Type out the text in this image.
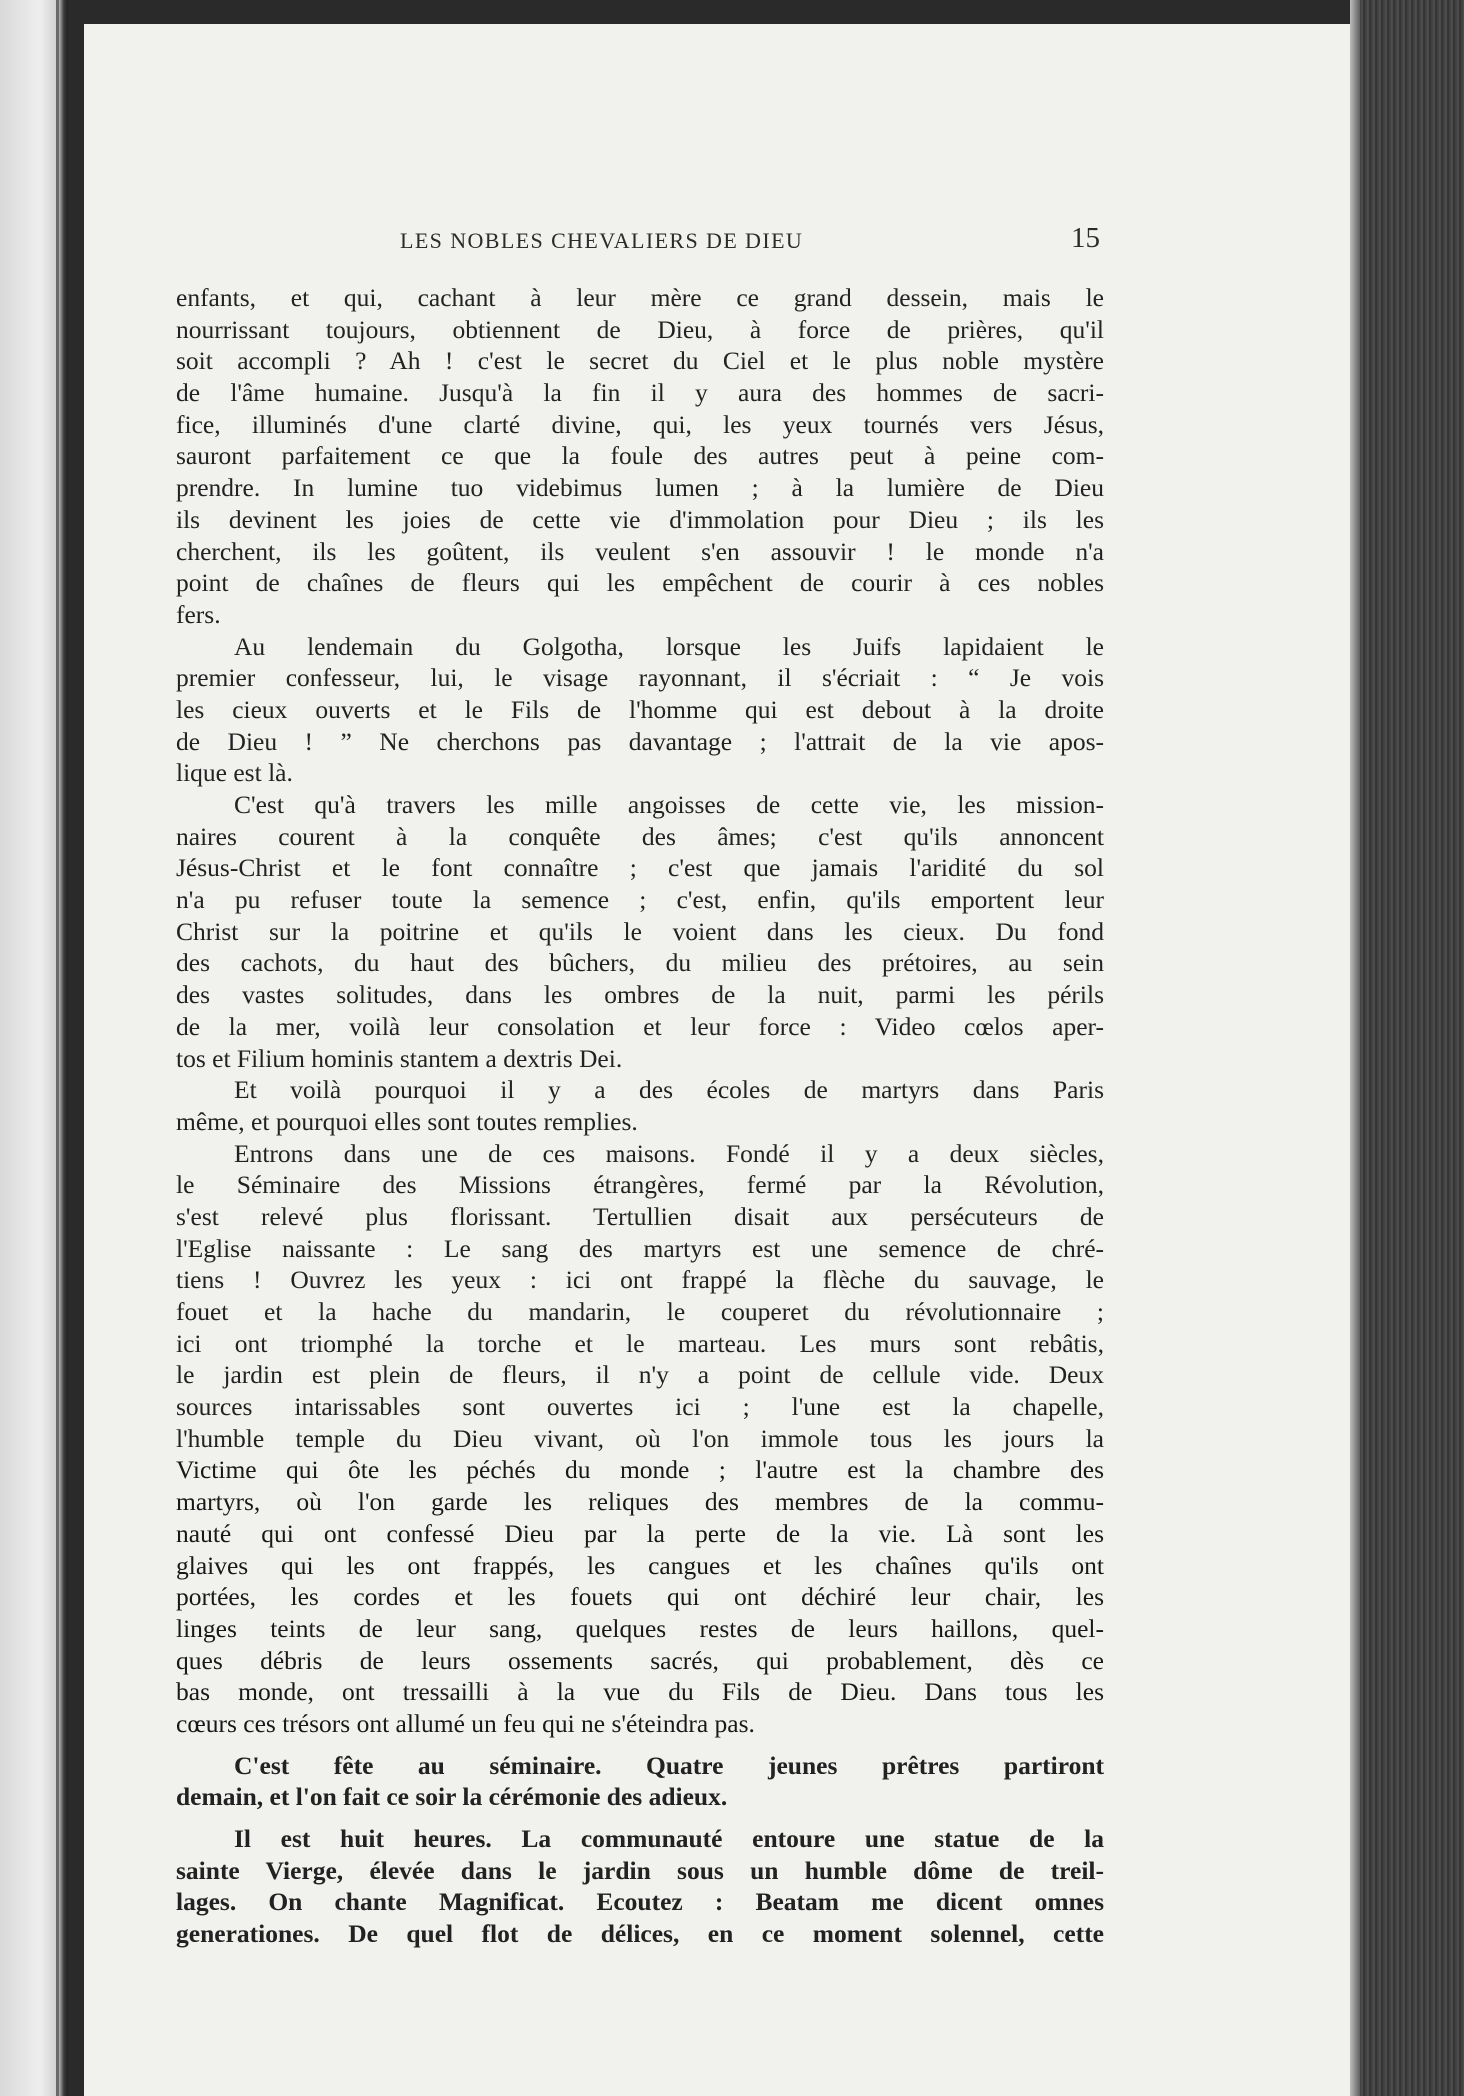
LES NOBLES CHEVALIERS DE DIEU	15
enfants, et qui, cachant à leur mère ce grand dessein, mais le
nourrissant toujours, obtiennent de Dieu, à force de prières, qu'il
soit accompli ? Ah ! c'est le secret du Ciel et le plus noble mystère
de l'âme humaine. Jusqu'à la fin il y aura des hommes de sacri-
fice, illuminés d'une clarté divine, qui, les yeux tournés vers Jésus,
sauront parfaitement ce que la foule des autres peut à peine com-
prendre. In lumine tuo videbimus lumen ; à la lumière de Dieu
ils devinent les joies de cette vie d'immolation pour Dieu ; ils les
cherchent, ils les goûtent, ils veulent s'en assouvir ! le monde n'a
point de chaînes de fleurs qui les empêchent de courir à ces nobles
fers.
Au lendemain du Golgotha, lorsque les Juifs lapidaient le
premier confesseur, lui, le visage rayonnant, il s'écriait : “ Je vois
les cieux ouverts et le Fils de l'homme qui est debout à la droite
de Dieu ! ” Ne cherchons pas davantage ; l'attrait de la vie apos-
lique est là.
C'est qu'à travers les mille angoisses de cette vie, les mission-
naires courent à la conquête des âmes; c'est qu'ils annoncent
Jésus-Christ et le font connaître ; c'est que jamais l'aridité du sol
n'a pu refuser toute la semence ; c'est, enfin, qu'ils emportent leur
Christ sur la poitrine et qu'ils le voient dans les cieux. Du fond
des cachots, du haut des bûchers, du milieu des prétoires, au sein
des vastes solitudes, dans les ombres de la nuit, parmi les périls
de la mer, voilà leur consolation et leur force : Video cœlos aper-
tos et Filium hominis stantem a dextris Dei.
Et voilà pourquoi il y a des écoles de martyrs dans Paris
même, et pourquoi elles sont toutes remplies.
Entrons dans une de ces maisons. Fondé il y a deux siècles,
le Séminaire des Missions étrangères, fermé par la Révolution,
s'est relevé plus florissant. Tertullien disait aux persécuteurs de
l'Eglise naissante : Le sang des martyrs est une semence de chré-
tiens ! Ouvrez les yeux : ici ont frappé la flèche du sauvage, le
fouet et la hache du mandarin, le couperet du révolutionnaire ;
ici ont triomphé la torche et le marteau. Les murs sont rebâtis,
le jardin est plein de fleurs, il n'y a point de cellule vide. Deux
sources intarissables sont ouvertes ici ; l'une est la chapelle,
l'humble temple du Dieu vivant, où l'on immole tous les jours la
Victime qui ôte les péchés du monde ; l'autre est la chambre des
martyrs, où l'on garde les reliques des membres de la commu-
nauté qui ont confessé Dieu par la perte de la vie. Là sont les
glaives qui les ont frappés, les cangues et les chaînes qu'ils ont
portées, les cordes et les fouets qui ont déchiré leur chair, les
linges teints de leur sang, quelques restes de leurs haillons, quel-
ques débris de leurs ossements sacrés, qui probablement, dès ce
bas monde, ont tressailli à la vue du Fils de Dieu. Dans tous les
cœurs ces trésors ont allumé un feu qui ne s'éteindra pas.
C'est fête au séminaire. Quatre jeunes prêtres partiront
demain, et l'on fait ce soir la cérémonie des adieux.
Il est huit heures. La communauté entoure une statue de la
sainte Vierge, élevée dans le jardin sous un humble dôme de treil-
lages. On chante Magnificat. Ecoutez : Beatam me dicent omnes
generationes. De quel flot de délices, en ce moment solennel, cette
